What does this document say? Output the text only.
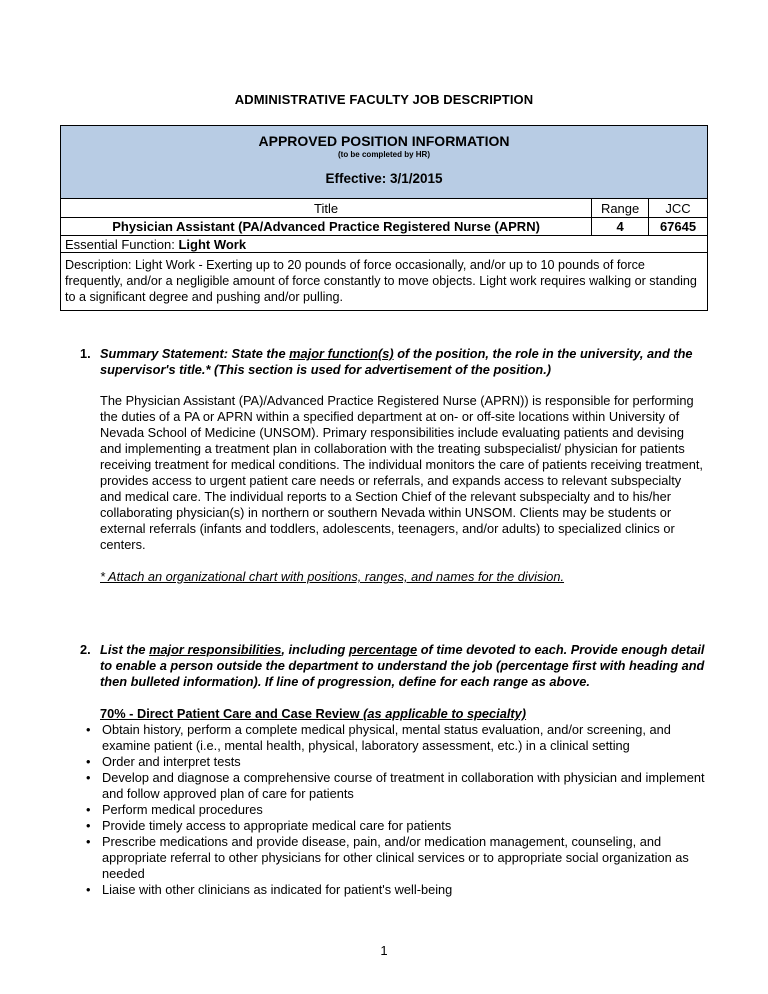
ADMINISTRATIVE FACULTY JOB DESCRIPTION
APPROVED POSITION INFORMATION
(to be completed by HR)
Effective: 3/1/2015		

Title	Range	JCC
Physician Assistant (PA/Advanced Practice Registered Nurse (APRN)	4	67645
Essential Function: Light Work		
Description: Light Work - Exerting up to 20 pounds of force occasionally, and/or up to 10 pounds of force frequently, and/or a negligible amount of force constantly to move objects. Light work requires walking or standing to a significant degree and pushing and/or pulling.		
1. Summary Statement: State the major function(s) of the position, the role in the university, and the supervisor's title.* (This section is used for advertisement of the position.)
The Physician Assistant (PA)/Advanced Practice Registered Nurse (APRN)) is responsible for performing the duties of a PA or APRN within a specified department at on- or off-site locations within University of Nevada School of Medicine (UNSOM). Primary responsibilities include evaluating patients and devising and implementing a treatment plan in collaboration with the treating subspecialist/ physician for patients receiving treatment for medical conditions. The individual monitors the care of patients receiving treatment, provides access to urgent patient care needs or referrals, and expands access to relevant subspecialty and medical care. The individual reports to a Section Chief of the relevant subspecialty and to his/her collaborating physician(s) in northern or southern Nevada within UNSOM. Clients may be students or external referrals (infants and toddlers, adolescents, teenagers, and/or adults) to specialized clinics or centers.
* Attach an organizational chart with positions, ranges, and names for the division.
2. List the major responsibilities, including percentage of time devoted to each. Provide enough detail to enable a person outside the department to understand the job (percentage first with heading and then bulleted information). If line of progression, define for each range as above.
70% - Direct Patient Care and Case Review (as applicable to specialty)
• Obtain history, perform a complete medical physical, mental status evaluation, and/or screening, and examine patient (i.e., mental health, physical, laboratory assessment, etc.) in a clinical setting
• Order and interpret tests
• Develop and diagnose a comprehensive course of treatment in collaboration with physician and implement and follow approved plan of care for patients
• Perform medical procedures
• Provide timely access to appropriate medical care for patients
• Prescribe medications and provide disease, pain, and/or medication management, counseling, and appropriate referral to other physicians for other clinical services or to appropriate social organization as needed
• Liaise with other clinicians as indicated for patient's well-being
1
